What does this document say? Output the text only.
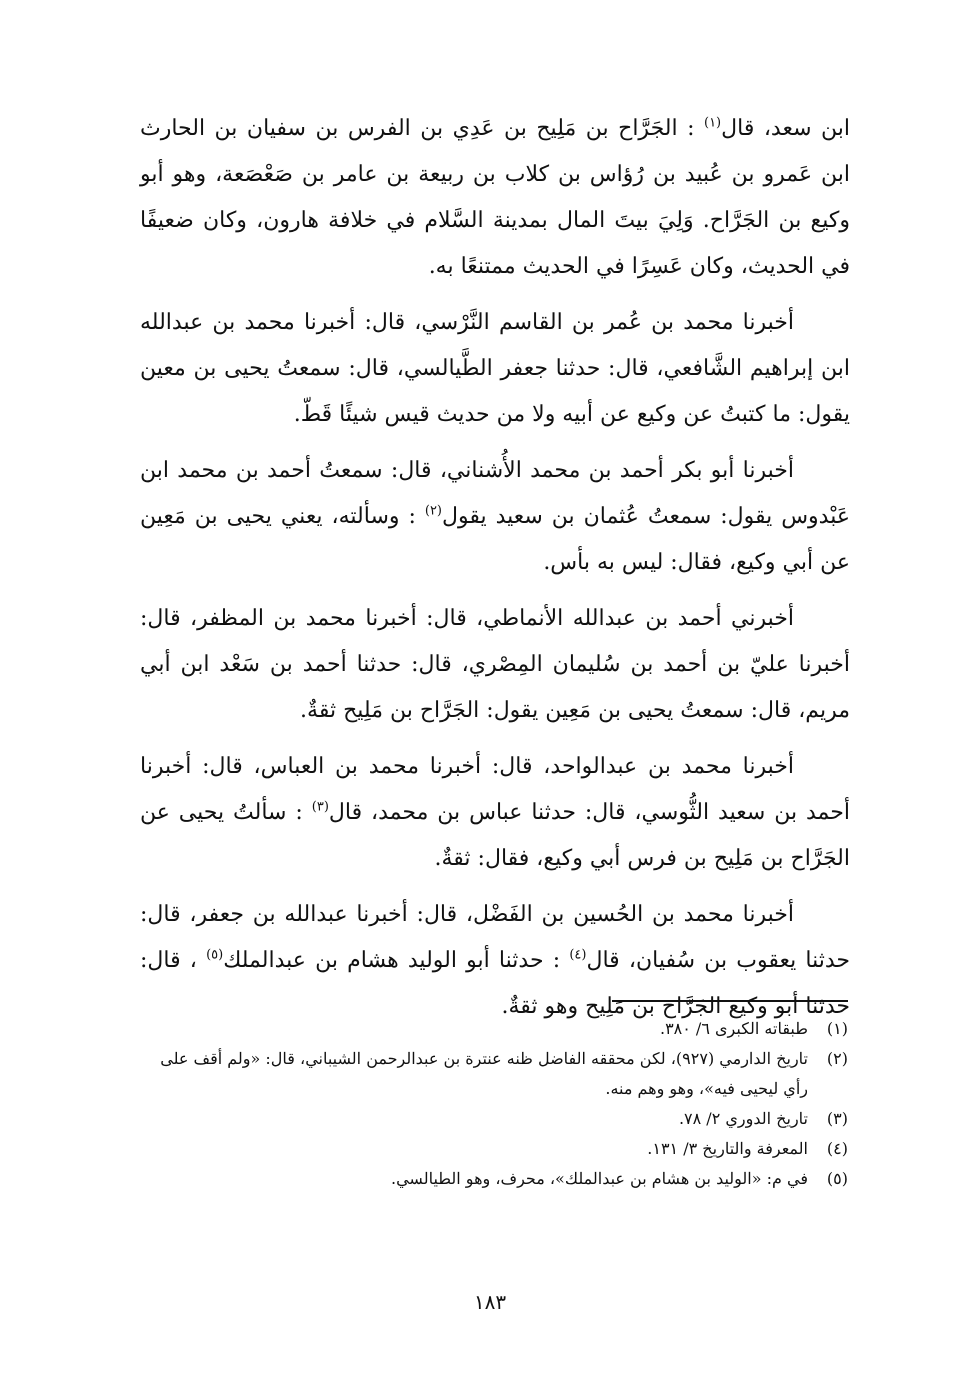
ابن سعد، قال$^{(١)}$ : الجَرَّاح بن مَلِيح بن عَدِي بن الفرس بن سفيان بن الحارث ابن عَمرو بن عُبيد بن رُؤاس بن كلاب بن ربيعة بن عامر بن صَعْصَعة، وهو أبو وكيع بن الجَرَّاح. وَلِيَ بيتَ المال بمدينة السَّلام في خلافة هارون، وكان ضعيفًا في الحديث، وكان عَسِرًا في الحديث ممتنعًا به.

أخبرنا محمد بن عُمر بن القاسم النَّرْسي، قال: أخبرنا محمد بن عبدالله ابن إبراهيم الشَّافعي، قال: حدثنا جعفر الطَّيالسي، قال: سمعتُ يحيى بن معين يقول: ما كتبتُ عن وكيع عن أبيه ولا من حديث قيس شيئًا قَطّ.

أخبرنا أبو بكر أحمد بن محمد الأُشناني، قال: سمعتُ أحمد بن محمد ابن عَبْدوس يقول: سمعتُ عُثمان بن سعيد يقول$^{(٢)}$ : وسألته، يعني يحيى بن مَعِين عن أبي وكيع، فقال: ليس به بأس.

أخبرني أحمد بن عبدالله الأنماطي، قال: أخبرنا محمد بن المظفر، قال: أخبرنا عليّ بن أحمد بن سُليمان المِصْري، قال: حدثنا أحمد بن سَعْد ابن أبي مريم، قال: سمعتُ يحيى بن مَعِين يقول: الجَرَّاح بن مَلِيح ثقةٌ.

أخبرنا محمد بن عبدالواحد، قال: أخبرنا محمد بن العباس، قال: أخبرنا أحمد بن سعيد الثُّوسي، قال: حدثنا عباس بن محمد، قال$^{(٣)}$ : سألتُ يحيى عن الجَرَّاح بن مَلِيح بن فرس أبي وكيع، فقال: ثقةٌ.

أخبرنا محمد بن الحُسين بن الفَضْل، قال: أخبرنا عبدالله بن جعفر، قال: حدثنا يعقوب بن سُفيان، قال$^{(٤)}$ : حدثنا أبو الوليد هشام بن عبدالملك$^{(٥)}$ ، قال: حدثنا أبو وكيع الجَرَّاح بن مَلِيح وهو ثقةٌ.

(١)
طبقاته الكبرى ٦/ ٣٨٠.
(٢)
تاريخ الدارمي (٩٢٧)، لكن محققه الفاضل ظنه عنترة بن عبدالرحمن الشيباني، قال: «ولم أقف على رأي ليحيى فيه»، وهو وهم منه.
(٣)
تاريخ الدوري ٢/ ٧٨.
(٤)
المعرفة والتاريخ ٣/ ١٣١.
(٥)
في م: «الوليد بن هشام بن عبدالملك»، محرف، وهو الطيالسي.
١٨٣
